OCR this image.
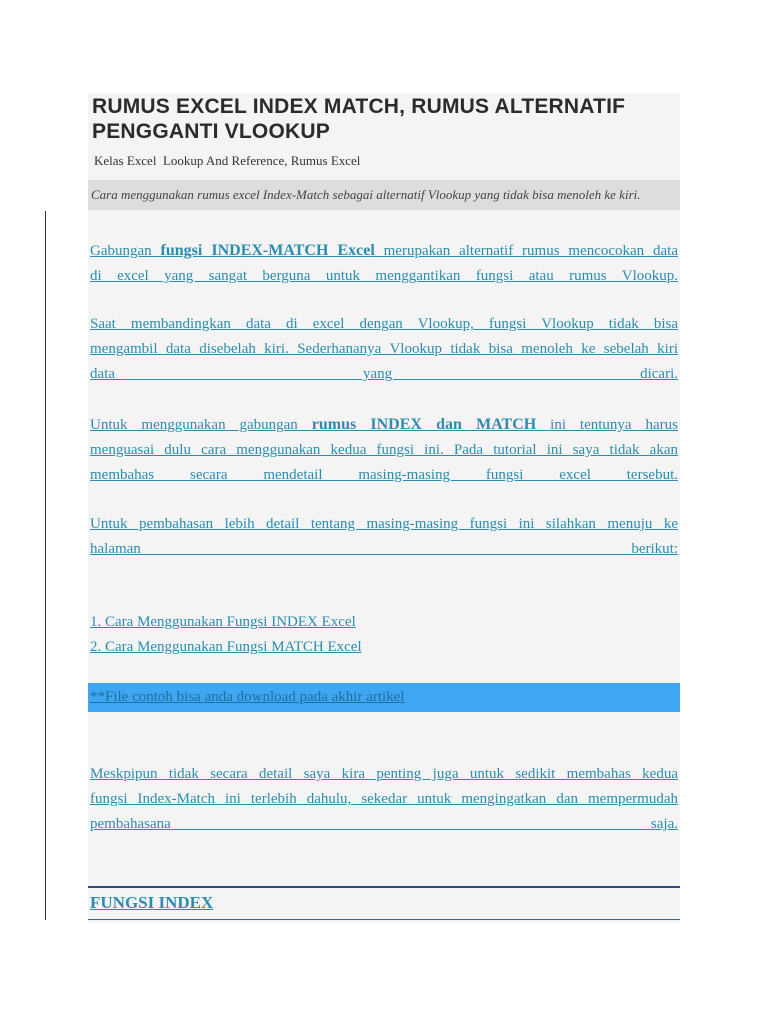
RUMUS EXCEL INDEX MATCH, RUMUS ALTERNATIF PENGGANTI VLOOKUP
Kelas Excel  Lookup And Reference, Rumus Excel
Cara menggunakan rumus excel Index-Match sebagai alternatif Vlookup yang tidak bisa menoleh ke kiri.

Gabungan fungsi INDEX-MATCH Excel merupakan alternatif rumus mencocokan data
di excel yang sangat berguna untuk menggantikan fungsi atau rumus Vlookup.

Saat membandingkan data di excel dengan Vlookup, fungsi Vlookup tidak bisa
mengambil data disebelah kiri. Sederhananya Vlookup tidak bisa menoleh ke sebelah kiri
data yang dicari.

Untuk menggunakan gabungan rumus INDEX dan MATCH ini tentunya harus
menguasai dulu cara menggunakan kedua fungsi ini. Pada tutorial ini saya tidak akan
membahas secara mendetail masing-masing fungsi excel tersebut.

Untuk pembahasan lebih detail tentang masing-masing fungsi ini silahkan menuju ke
halaman berikut:

1. Cara Menggunakan Fungsi INDEX Excel
2. Cara Menggunakan Fungsi MATCH Excel
**File contoh bisa anda download pada akhir artikel

Meskpipun tidak secara detail saya kira penting juga untuk sedikit membahas kedua
fungsi Index-Match ini terlebih dahulu, sekedar untuk mengingatkan dan mempermudah
pembahasana saja.

FUNGSI INDEX
